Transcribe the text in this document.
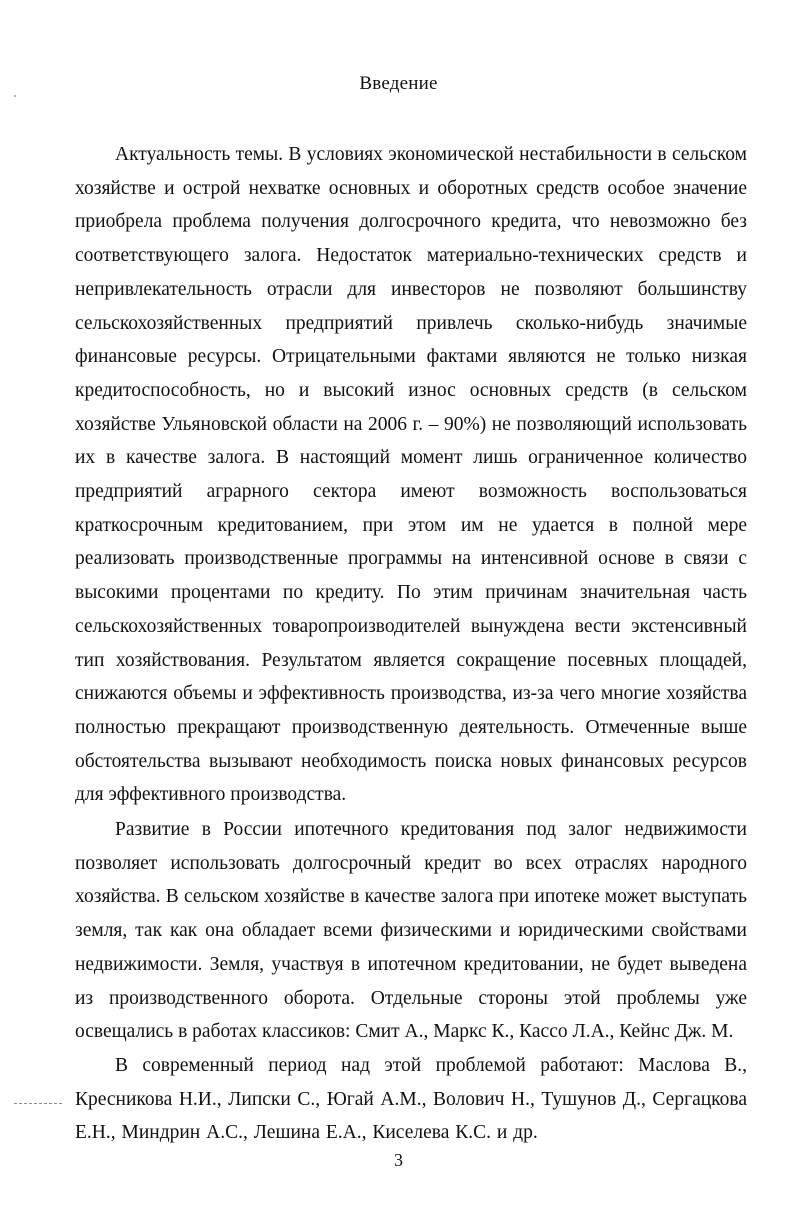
Введение

Актуальность темы. В условиях экономической нестабильности в сельском хозяйстве и острой нехватке основных и оборотных средств особое значение приобрела проблема получения долгосрочного кредита, что невозможно без соответствующего залога. Недостаток материально-технических средств и непривлекательность отрасли для инвесторов не позволяют большинству сельскохозяйственных предприятий привлечь сколько-нибудь значимые финансовые ресурсы. Отрицательными фактами являются не только низкая кредитоспособность, но и высокий износ основных средств (в сельском хозяйстве Ульяновской области на 2006 г. – 90%) не позволяющий использовать их в качестве залога. В настоящий момент лишь ограниченное количество предприятий аграрного сектора имеют возможность воспользоваться краткосрочным кредитованием, при этом им не удается в полной мере реализовать производственные программы на интенсивной основе в связи с высокими процентами по кредиту. По этим причинам значительная часть сельскохозяйственных товаропроизводителей вынуждена вести экстенсивный тип хозяйствования. Результатом является сокращение посевных площадей, снижаются объемы и эффективность производства, из-за чего многие хозяйства полностью прекращают производственную деятельность. Отмеченные выше обстоятельства вызывают необходимость поиска новых финансовых ресурсов для эффективного производства.

Развитие в России ипотечного кредитования под залог недвижимости позволяет использовать долгосрочный кредит во всех отраслях народного хозяйства. В сельском хозяйстве в качестве залога при ипотеке может выступать земля, так как она обладает всеми физическими и юридическими свойствами недвижимости. Земля, участвуя в ипотечном кредитовании, не будет выведена из производственного оборота. Отдельные стороны этой проблемы уже освещались в работах классиков: Смит А., Маркс К., Кассо Л.А., Кейнс Дж. М.

В современный период над этой проблемой работают: Маслова В., Кресникова Н.И., Липски С., Югай А.М., Волович Н., Тушунов Д., Сергацкова Е.Н., Миндрин А.С., Лешина Е.А., Киселева К.С. и др.

3
